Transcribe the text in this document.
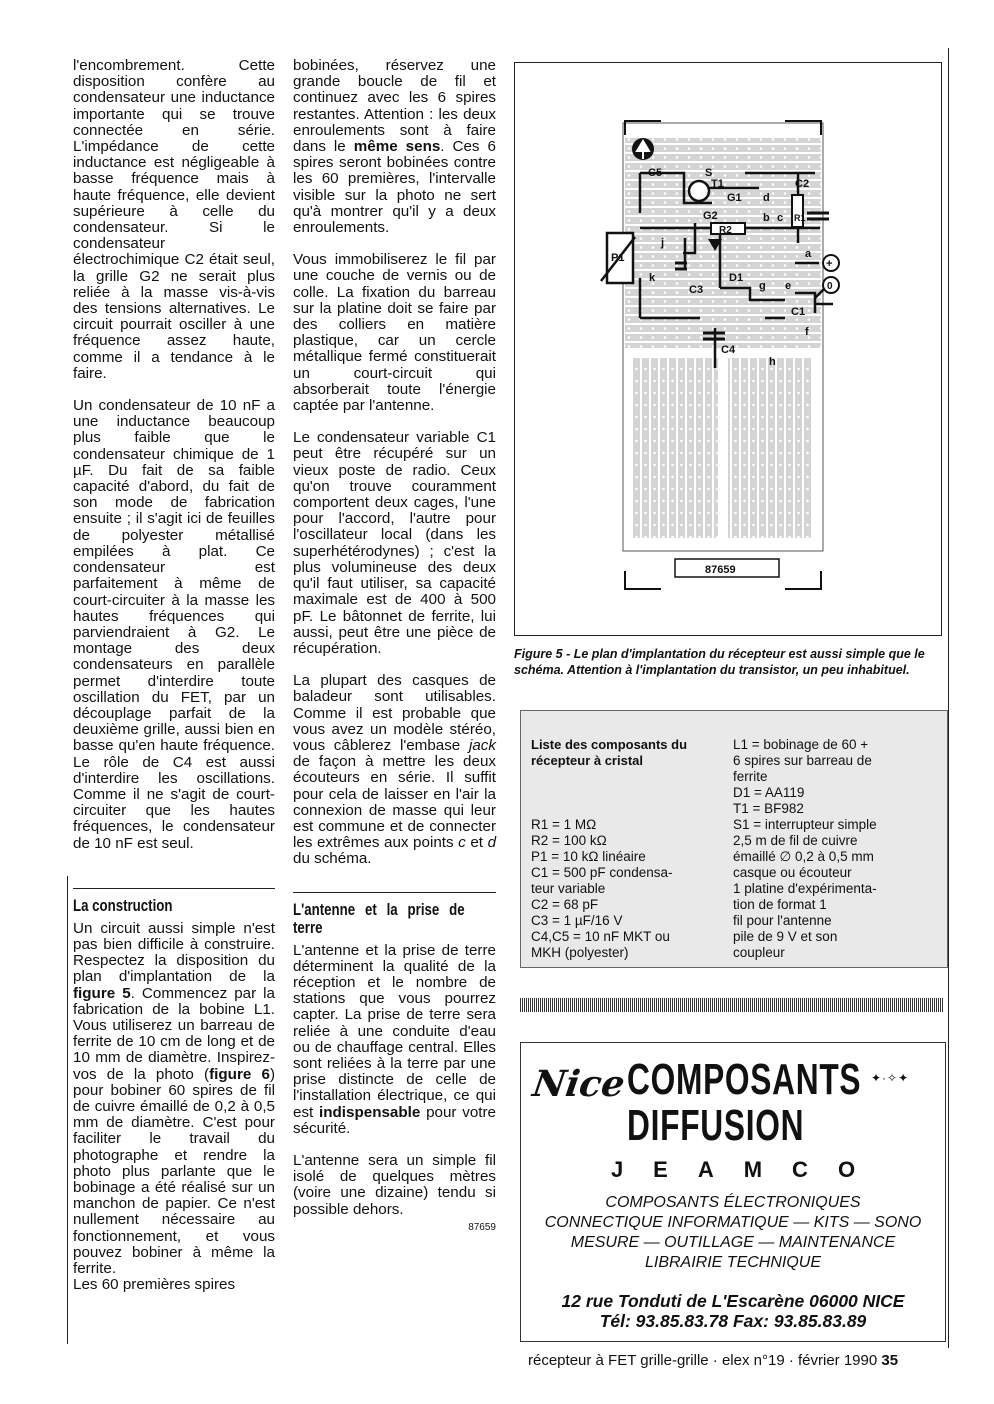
l'encombrement. Cette disposition confère au condensateur une inductance importante qui se trouve connectée en série. L'impédance de cette inductance est négligeable à basse fréquence mais à haute fréquence, elle devient supérieure à celle du condensateur. Si le condensateur électrochimique C2 était seul, la grille G2 ne serait plus reliée à la masse vis-à-vis des tensions alternatives. Le circuit pourrait osciller à une fréquence assez haute, comme il a tendance à le faire.

Un condensateur de 10 nF a une inductance beaucoup plus faible que le condensateur chimique de 1 µF. Du fait de sa faible capacité d'abord, du fait de son mode de fabrication ensuite ; il s'agit ici de feuilles de polyester métallisé empilées à plat. Ce condensateur est parfaitement à même de court-circuiter à la masse les hautes fréquences qui parviendraient à G2. Le montage des deux condensateurs en parallèle permet d'interdire toute oscillation du FET, par un découplage parfait de la deuxième grille, aussi bien en basse qu'en haute fréquence. Le rôle de C4 est aussi d'interdire les oscillations. Comme il ne s'agit de court-circuiter que les hautes fréquences, le condensateur de 10 nF est seul.

La construction

Un circuit aussi simple n'est pas bien difficile à construire. Respectez la disposition du plan d'implantation de la figure 5. Commencez par la fabrication de la bobine L1. Vous utiliserez un barreau de ferrite de 10 cm de long et de 10 mm de diamètre. Inspirez-vos de la photo (figure 6) pour bobiner 60 spires de fil de cuivre émaillé de 0,2 à 0,5 mm de diamètre. C'est pour faciliter le travail du photographe et rendre la photo plus parlante que le bobinage a été réalisé sur un manchon de papier. Ce n'est nullement nécessaire au fonctionnement, et vous pouvez bobiner à même la ferrite.

Les 60 premières spires

bobinées, réservez une grande boucle de fil et continuez avec les 6 spires restantes. Attention : les deux enroulements sont à faire dans le même sens. Ces 6 spires seront bobinées contre les 60 premières, l'intervalle visible sur la photo ne sert qu'à montrer qu'il y a deux enroulements.

Vous immobiliserez le fil par une couche de vernis ou de colle. La fixation du barreau sur la platine doit se faire par des colliers en matière plastique, car un cercle métallique fermé constituerait un court-circuit qui absorberait toute l'énergie captée par l'antenne.

Le condensateur variable C1 peut être récupéré sur un vieux poste de radio. Ceux qu'on trouve couramment comportent deux cages, l'une pour l'accord, l'autre pour l'oscillateur local (dans les superhétérodynes) ; c'est la plus volumineuse des deux qu'il faut utiliser, sa capacité maximale est de 400 à 500 pF. Le bâtonnet de ferrite, lui aussi, peut être une pièce de récupération.

La plupart des casques de baladeur sont utilisables. Comme il est probable que vous avez un modèle stéréo, vous câblerez l'embase jack de façon à mettre les deux écouteurs en série. Il suffit pour cela de laisser en l'air la connexion de masse qui leur est commune et de connecter les extrêmes aux points c et d du schéma.

L'antenne et la prise de terre

L'antenne et la prise de terre déterminent la qualité de la réception et le nombre de stations que vous pourrez capter. La prise de terre sera reliée à une conduite d'eau ou de chauffage central. Elles sont reliées à la terre par une prise distincte de celle de l'installation électrique, ce qui est indispensable pour votre sécurité.

L'antenne sera un simple fil isolé de quelques mètres (voire une dizaine) tendu si possible dehors.

87659
C5	S
T1
G1 d
C2
G2	b c
R2
R1
j
P1
k	D1
a
C3	g e
C1
f
C4
h
+
0
87659
Figure 5 - Le plan d'implantation du récepteur est aussi simple que le schéma. Attention à l'implantation du transistor, un peu inhabituel.
Liste des composants du récepteur à cristal
R1 = 1 MΩ
R2 = 100 kΩ
P1 = 10 kΩ linéaire
C1 = 500 pF condensa-
teur variable
C2 = 68 pF
C3 = 1 µF/16 V
C4,C5 = 10 nF MKT ou
MKH (polyester)
L1 = bobinage de 60 +
6 spires sur barreau de
ferrite
D1 = AA119
T1 = BF982
S1 = interrupteur simple
2,5 m de fil de cuivre
émaillé ∅ 0,2 à 0,5 mm
casque ou écouteur
1 platine d'expérimenta-
tion de format 1
fil pour l'antenne
pile de 9 V et son
coupleur
Nice COMPOSANTS ✦·✧✦
DIFFUSION
JEAMCO
COMPOSANTS ÉLECTRONIQUES
CONNECTIQUE INFORMATIQUE — KITS — SONO
MESURE — OUTILLAGE — MAINTENANCE
LIBRAIRIE TECHNIQUE
12 rue Tonduti de L'Escarène 06000 NICE
Tél: 93.85.83.78 Fax: 93.85.83.89
récepteur à FET grille-grille · elex n°19 · février 1990 35
